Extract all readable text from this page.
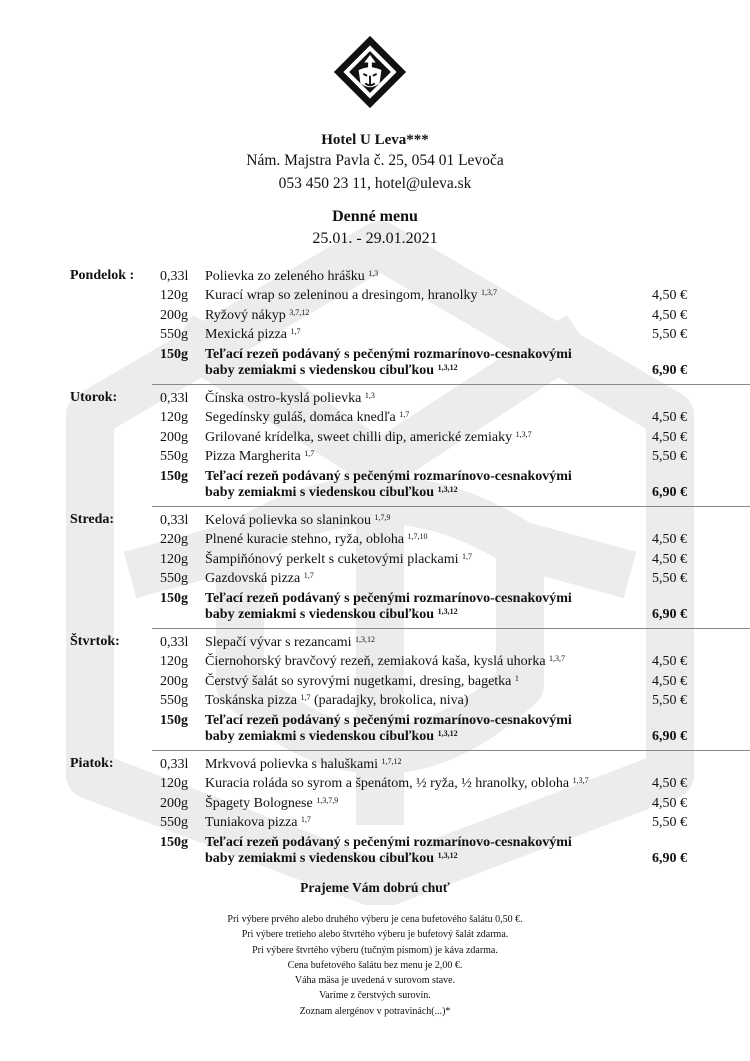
Hotel U Leva***
Nám. Majstra Pavla č. 25, 054 01 Levoča
053 450 23 11, hotel@uleva.sk
Denné menu
25.01. - 29.01.2021
Pondelok : 0,33l Polievka zo zeleného hrášku $^{1,3}$
120g Kurací wrap so zeleninou a dresingom, hranolky $^{1,3,7}$	4,50 €
200g Ryžový nákyp $^{3,7,12}$	4,50 €
550g Mexická pizza $^{1,7}$	5,50 €
150g Teľací rezeň podávaný s pečenými rozmarínovo-cesnakovými
baby zemiakmi s viedenskou cibuľkou $^{1,3,12}$	6,90 €
Utorok:	0,33l Čínska ostro-kyslá polievka $^{1,3}$
120g Segedínsky guláš, domáca knedľa $^{1,7}$	4,50 €
200g Grilované krídelka, sweet chilli dip, americké zemiaky $^{1,3,7}$	4,50 €
550g Pizza Margherita $^{1,7}$	5,50 €
150g Teľací rezeň podávaný s pečenými rozmarínovo-cesnakovými
baby zemiakmi s viedenskou cibuľkou $^{1,3,12}$	6,90 €
Streda:	0,33l Kelová polievka so slaninkou $^{1,7,9}$
220g Plnené kuracie stehno, ryža, obloha $^{1,7,10}$	4,50 €
120g Šampiňónový perkelt s cuketovými plackami $^{1,7}$	4,50 €
550g Gazdovská pizza $^{1,7}$	5,50 €
150g Teľací rezeň podávaný s pečenými rozmarínovo-cesnakovými
baby zemiakmi s viedenskou cibuľkou $^{1,3,12}$	6,90 €
Štvrtok:	0,33l Slepačí vývar s rezancami $^{1,3,12}$
120g Čiernohorský bravčový rezeň, zemiaková kaša, kyslá uhorka $^{1,3,7}$	4,50 €
200g Čerstvý šalát so syrovými nugetkami, dresing, bagetka $^1$	4,50 €
550g Toskánska pizza $^{1,7}$ (paradajky, brokolica, niva)	5,50 €
150g Teľací rezeň podávaný s pečenými rozmarínovo-cesnakovými
baby zemiakmi s viedenskou cibuľkou $^{1,3,12}$	6,90 €
Piatok:	0,33l Mrkvová polievka s haluškami $^{1,7,12}$
120g Kuracia roláda so syrom a špenátom, ½ ryža, ½ hranolky, obloha $^{1,3,7}$	4,50 €
200g Špagety Bolognese $^{1,3,7,9}$	4,50 €
550g Tuniakova pizza $^{1,7}$	5,50 €
150g Teľací rezeň podávaný s pečenými rozmarínovo-cesnakovými
baby zemiakmi s viedenskou cibuľkou $^{1,3,12}$	6,90 €
Prajeme Vám dobrú chuť
Pri výbere prvého alebo druhého výberu je cena bufetového šalátu 0,50 €.
Pri výbere tretieho alebo štvrtého výberu je bufetový šalát zdarma.
Pri výbere štvrtého výberu (tučným písmom) je káva zdarma.
Cena bufetového šalátu bez menu je 2,00 €.
Váha mäsa je uvedená v surovom stave.
Varíme z čerstvých surovín.
Zoznam alergénov v potravinách(...)*
